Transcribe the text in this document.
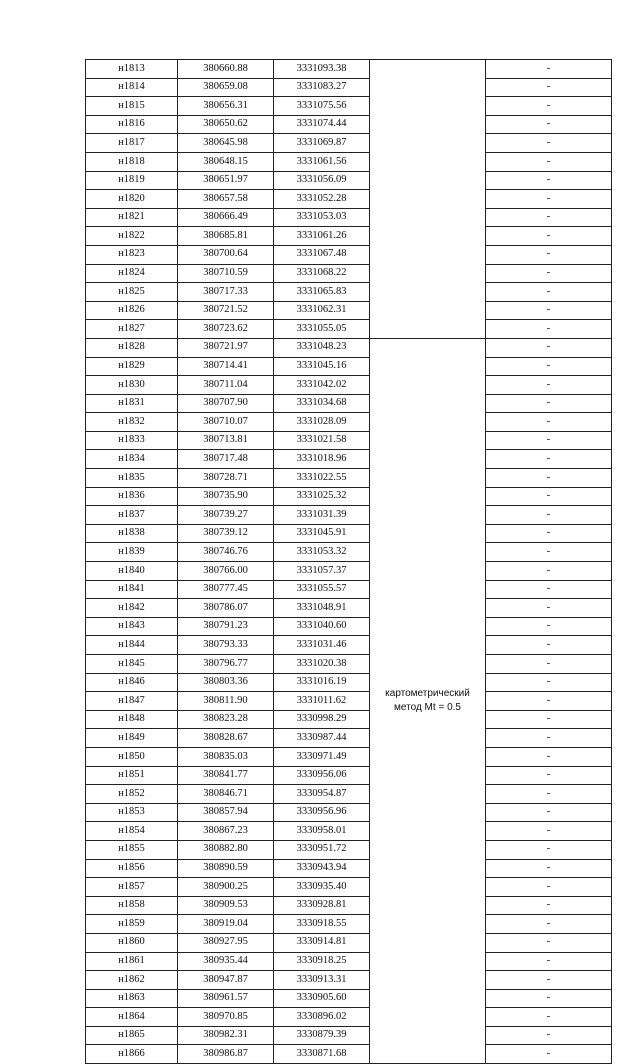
н1813	380660.88	3331093.38		-
н1814	380659.08	3331083.27		-
н1815	380656.31	3331075.56		-
н1816	380650.62	3331074.44		-
н1817	380645.98	3331069.87		-
н1818	380648.15	3331061.56		-
н1819	380651.97	3331056.09		-
н1820	380657.58	3331052.28		-
н1821	380666.49	3331053.03		-
н1822	380685.81	3331061.26		-
н1823	380700.64	3331067.48		-
н1824	380710.59	3331068.22		-
н1825	380717.33	3331065.83		-
н1826	380721.52	3331062.31		-
н1827	380723.62	3331055.05		-
н1828	380721.97	3331048.23	картометрический метод Mt = 0.5	-
н1829	380714.41	3331045.16		-
н1830	380711.04	3331042.02		-
н1831	380707.90	3331034.68		-
н1832	380710.07	3331028.09		-
н1833	380713.81	3331021.58		-
н1834	380717.48	3331018.96		-
н1835	380728.71	3331022.55		-
н1836	380735.90	3331025.32		-
н1837	380739.27	3331031.39		-
н1838	380739.12	3331045.91		-
н1839	380746.76	3331053.32		-
н1840	380766.00	3331057.37		-
н1841	380777.45	3331055.57		-
н1842	380786.07	3331048.91		-
н1843	380791.23	3331040.60		-
н1844	380793.33	3331031.46		-
н1845	380796.77	3331020.38		-
н1846	380803.36	3331016.19		-
н1847	380811.90	3331011.62		-
н1848	380823.28	3330998.29		-
н1849	380828.67	3330987.44		-
н1850	380835.03	3330971.49		-
н1851	380841.77	3330956.06		-
н1852	380846.71	3330954.87		-
н1853	380857.94	3330956.96		-
н1854	380867.23	3330958.01		-
н1855	380882.80	3330951.72		-
н1856	380890.59	3330943.94		-
н1857	380900.25	3330935.40		-
н1858	380909.53	3330928.81		-
н1859	380919.04	3330918.55		-
н1860	380927.95	3330914.81		-
н1861	380935.44	3330918.25		-
н1862	380947.87	3330913.31		-
н1863	380961.57	3330905.60		-
н1864	380970.85	3330896.02		-
н1865	380982.31	3330879.39		-
н1866	380986.87	3330871.68		-
